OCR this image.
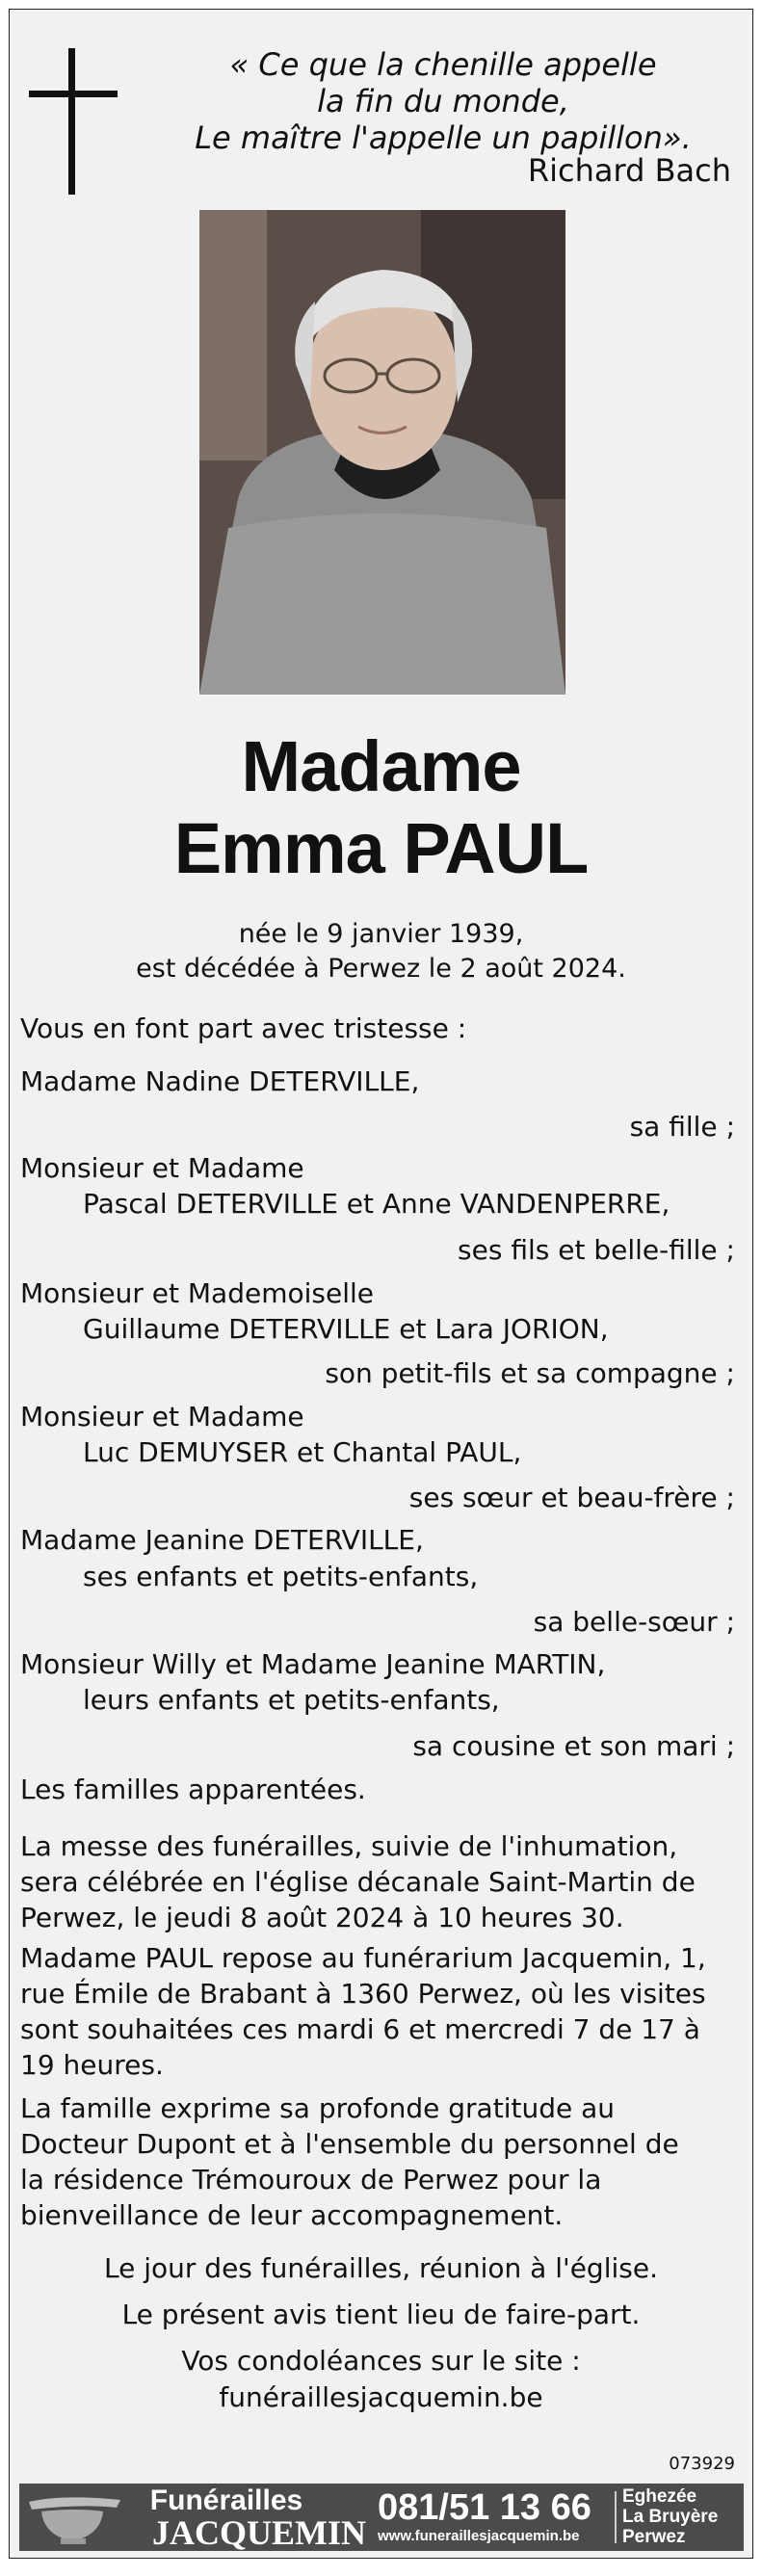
« Ce que la chenille appelle
la fin du monde,
Le maître l'appelle un papillon».
Richard Bach
Madame
Emma PAUL
née le 9 janvier 1939,
est décédée à Perwez le 2 août 2024.
Vous en font part avec tristesse :
Madame Nadine DETERVILLE,
sa fille ;
Monsieur et Madame
Pascal DETERVILLE et Anne VANDENPERRE,
ses fils et belle-fille ;
Monsieur et Mademoiselle
Guillaume DETERVILLE et Lara JORION,
son petit-fils et sa compagne ;
Monsieur et Madame
Luc DEMUYSER et Chantal PAUL,
ses sœur et beau-frère ;
Madame Jeanine DETERVILLE,
ses enfants et petits-enfants,
sa belle-sœur ;
Monsieur Willy et Madame Jeanine MARTIN,
leurs enfants et petits-enfants,
sa cousine et son mari ;
Les familles apparentées.
La messe des funérailles, suivie de l'inhumation,
sera célébrée en l'église décanale Saint-Martin de
Perwez, le jeudi 8 août 2024 à 10 heures 30.
Madame PAUL repose au funérarium Jacquemin, 1,
rue Émile de Brabant à 1360 Perwez, où les visites
sont souhaitées ces mardi 6 et mercredi 7 de 17 à
19 heures.
La famille exprime sa profonde gratitude au
Docteur Dupont et à l'ensemble du personnel de
la résidence Trémouroux de Perwez pour la
bienveillance de leur accompagnement.
Le jour des funérailles, réunion à l'église.
Le présent avis tient lieu de faire-part.
Vos condoléances sur le site :
funéraillesjacquemin.be
073929
Funérailles
JACQUEMIN
081/51 13 66
www.funeraillesjacquemin.be
Eghezée
La Bruyère
Perwez
